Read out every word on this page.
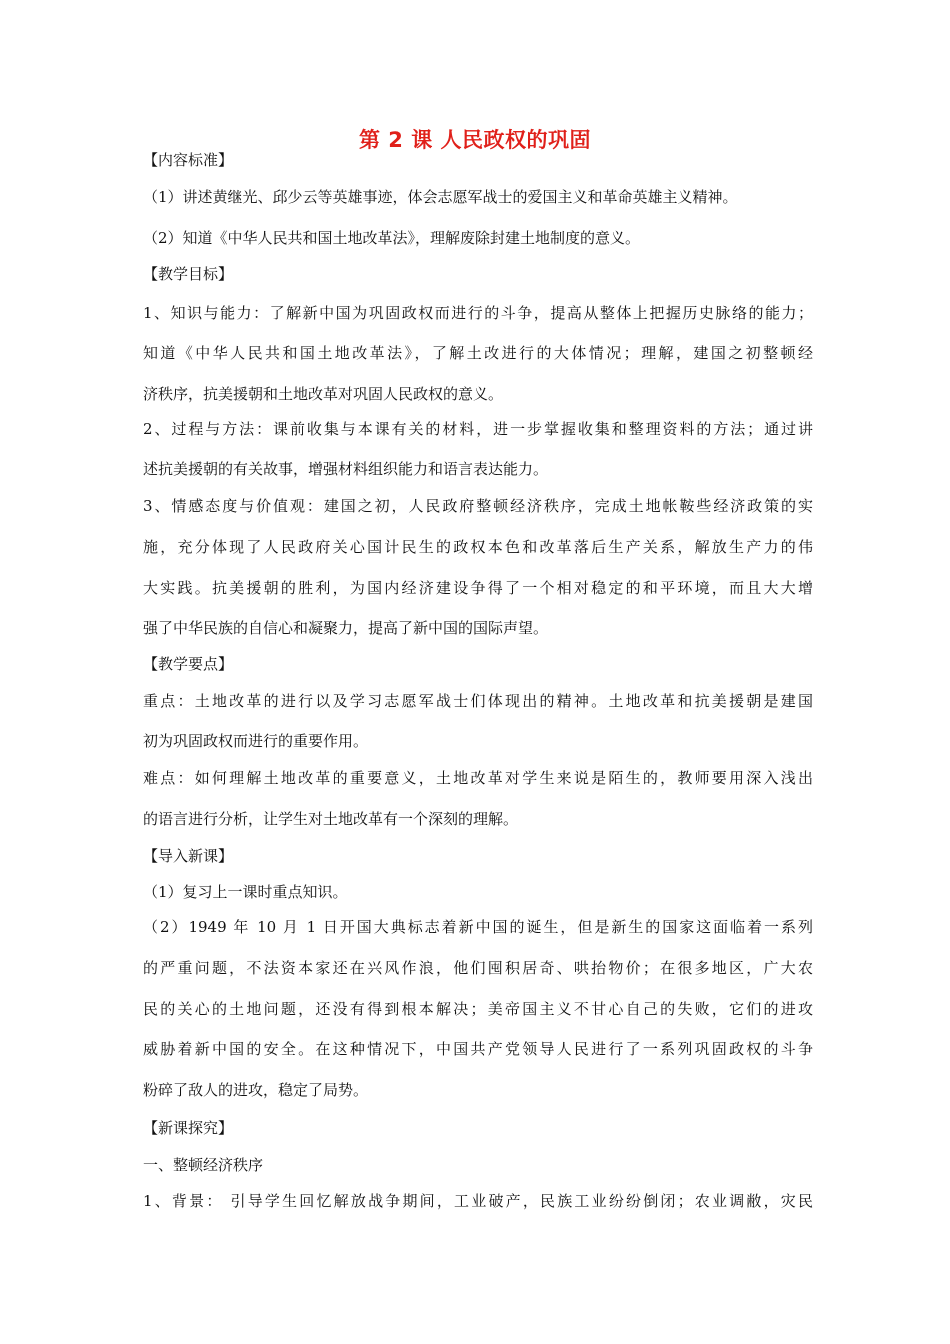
第 2 课 人民政权的巩固
【内容标准】
（1）讲述黄继光、邱少云等英雄事迹，体会志愿军战士的爱国主义和革命英雄主义精神。
（2）知道《中华人民共和国土地改革法》，理解废除封建土地制度的意义。
【教学目标】
1、知识与能力：了解新中国为巩固政权而进行的斗争，提高从整体上把握历史脉络的能力；
知道《中华人民共和国土地改革法》，了解土改进行的大体情况；理解，建国之初整顿经
济秩序，抗美援朝和土地改革对巩固人民政权的意义。
2、过程与方法：课前收集与本课有关的材料，进一步掌握收集和整理资料的方法；通过讲
述抗美援朝的有关故事，增强材料组织能力和语言表达能力。
3、情感态度与价值观：建国之初，人民政府整顿经济秩序，完成土地帐鞍些经济政策的实
施，充分体现了人民政府关心国计民生的政权本色和改革落后生产关系，解放生产力的伟
大实践。抗美援朝的胜利，为国内经济建设争得了一个相对稳定的和平环境，而且大大增
强了中华民族的自信心和凝聚力，提高了新中国的国际声望。
【教学要点】
重点：土地改革的进行以及学习志愿军战士们体现出的精神。土地改革和抗美援朝是建国
初为巩固政权而进行的重要作用。
难点：如何理解土地改革的重要意义，土地改革对学生来说是陌生的，教师要用深入浅出
的语言进行分析，让学生对土地改革有一个深刻的理解。
【导入新课】
（1）复习上一课时重点知识。
（2）1949 年 10 月 1 日开国大典标志着新中国的诞生，但是新生的国家这面临着一系列
的严重问题，不法资本家还在兴风作浪，他们囤积居奇、哄抬物价；在很多地区，广大农
民的关心的土地问题，还没有得到根本解决；美帝国主义不甘心自己的失败，它们的进攻
威胁着新中国的安全。在这种情况下，中国共产党领导人民进行了一系列巩固政权的斗争
粉碎了敌人的进攻，稳定了局势。
【新课探究】
一、整顿经济秩序
1、背景： 引导学生回忆解放战争期间，工业破产，民族工业纷纷倒闭；农业调敝，灾民
